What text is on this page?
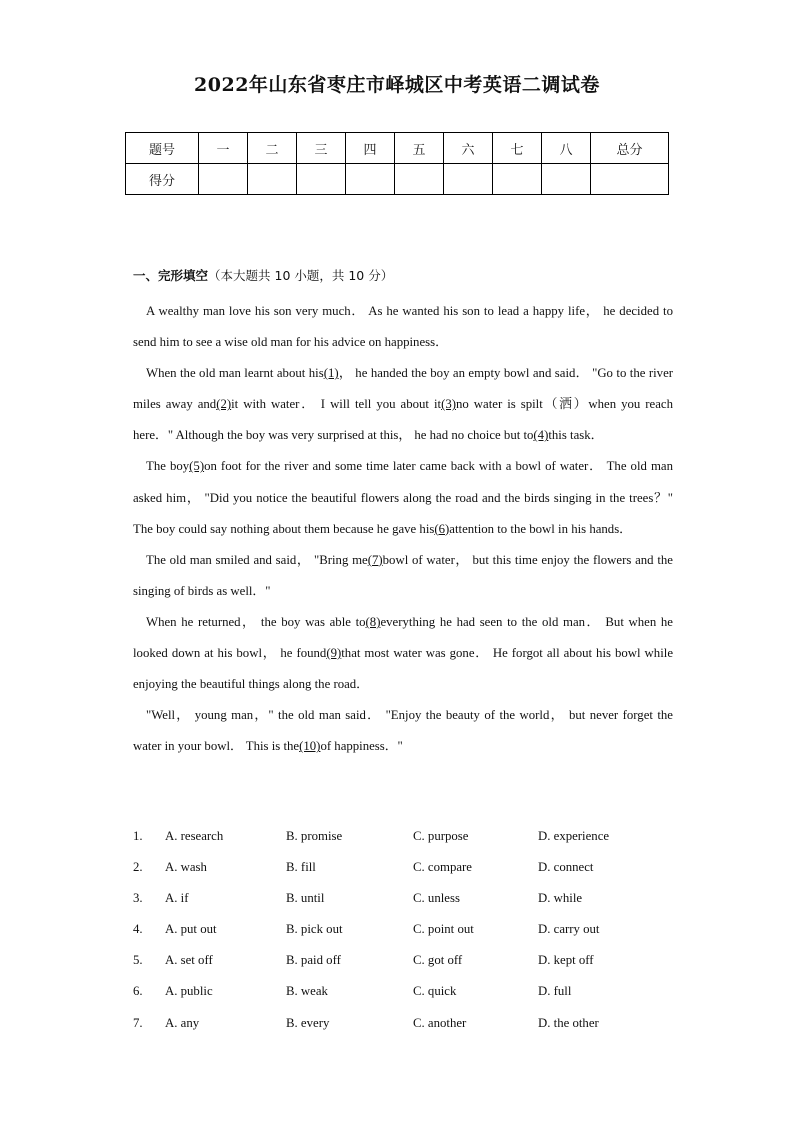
2022年山东省枣庄市峄城区中考英语二调试卷
题号	一	二	三	四	五	六	七	八	总分
得分									
一、完形填空（本大题共 10 小题，共 10 分）

A wealthy man love his son very much． As he wanted his son to lead a happy life， he decided to send him to see a wise old man for his advice on happiness．

When the old man learnt about his(1)， he handed the boy an empty bowl and said． "Go to the river miles away and(2)it with water． I will tell you about it(3)no water is spilt（洒）when you reach here．" Although the boy was very surprised at this， he had no choice but to(4)this task．

The boy(5)on foot for the river and some time later came back with a bowl of water． The old man asked him， "Did you notice the beautiful flowers along the road and the birds singing in the trees？" The boy could say nothing about them because he gave his(6)attention to the bowl in his hands．

The old man smiled and said， "Bring me(7)bowl of water， but this time enjoy the flowers and the singing of birds as well．"

When he returned， the boy was able to(8)everything he had seen to the old man． But when he looked down at his bowl， he found(9)that most water was gone． He forgot all about his bowl while enjoying the beautiful things along the road．

"Well， young man，" the old man said． "Enjoy the beauty of the world， but never forget the water in your bowl． This is the(10)of happiness．"

1. A. research	B. promise	C. purpose	D. experience
2. A. wash	B. fill	C. compare	D. connect
3. A. if	B. until	C. unless	D. while
4. A. put out	B. pick out	C. point out	D. carry out
5. A. set off	B. paid off	C. got off	D. kept off
6. A. public	B. weak	C. quick	D. full
7. A. any	B. every	C. another	D. the other
